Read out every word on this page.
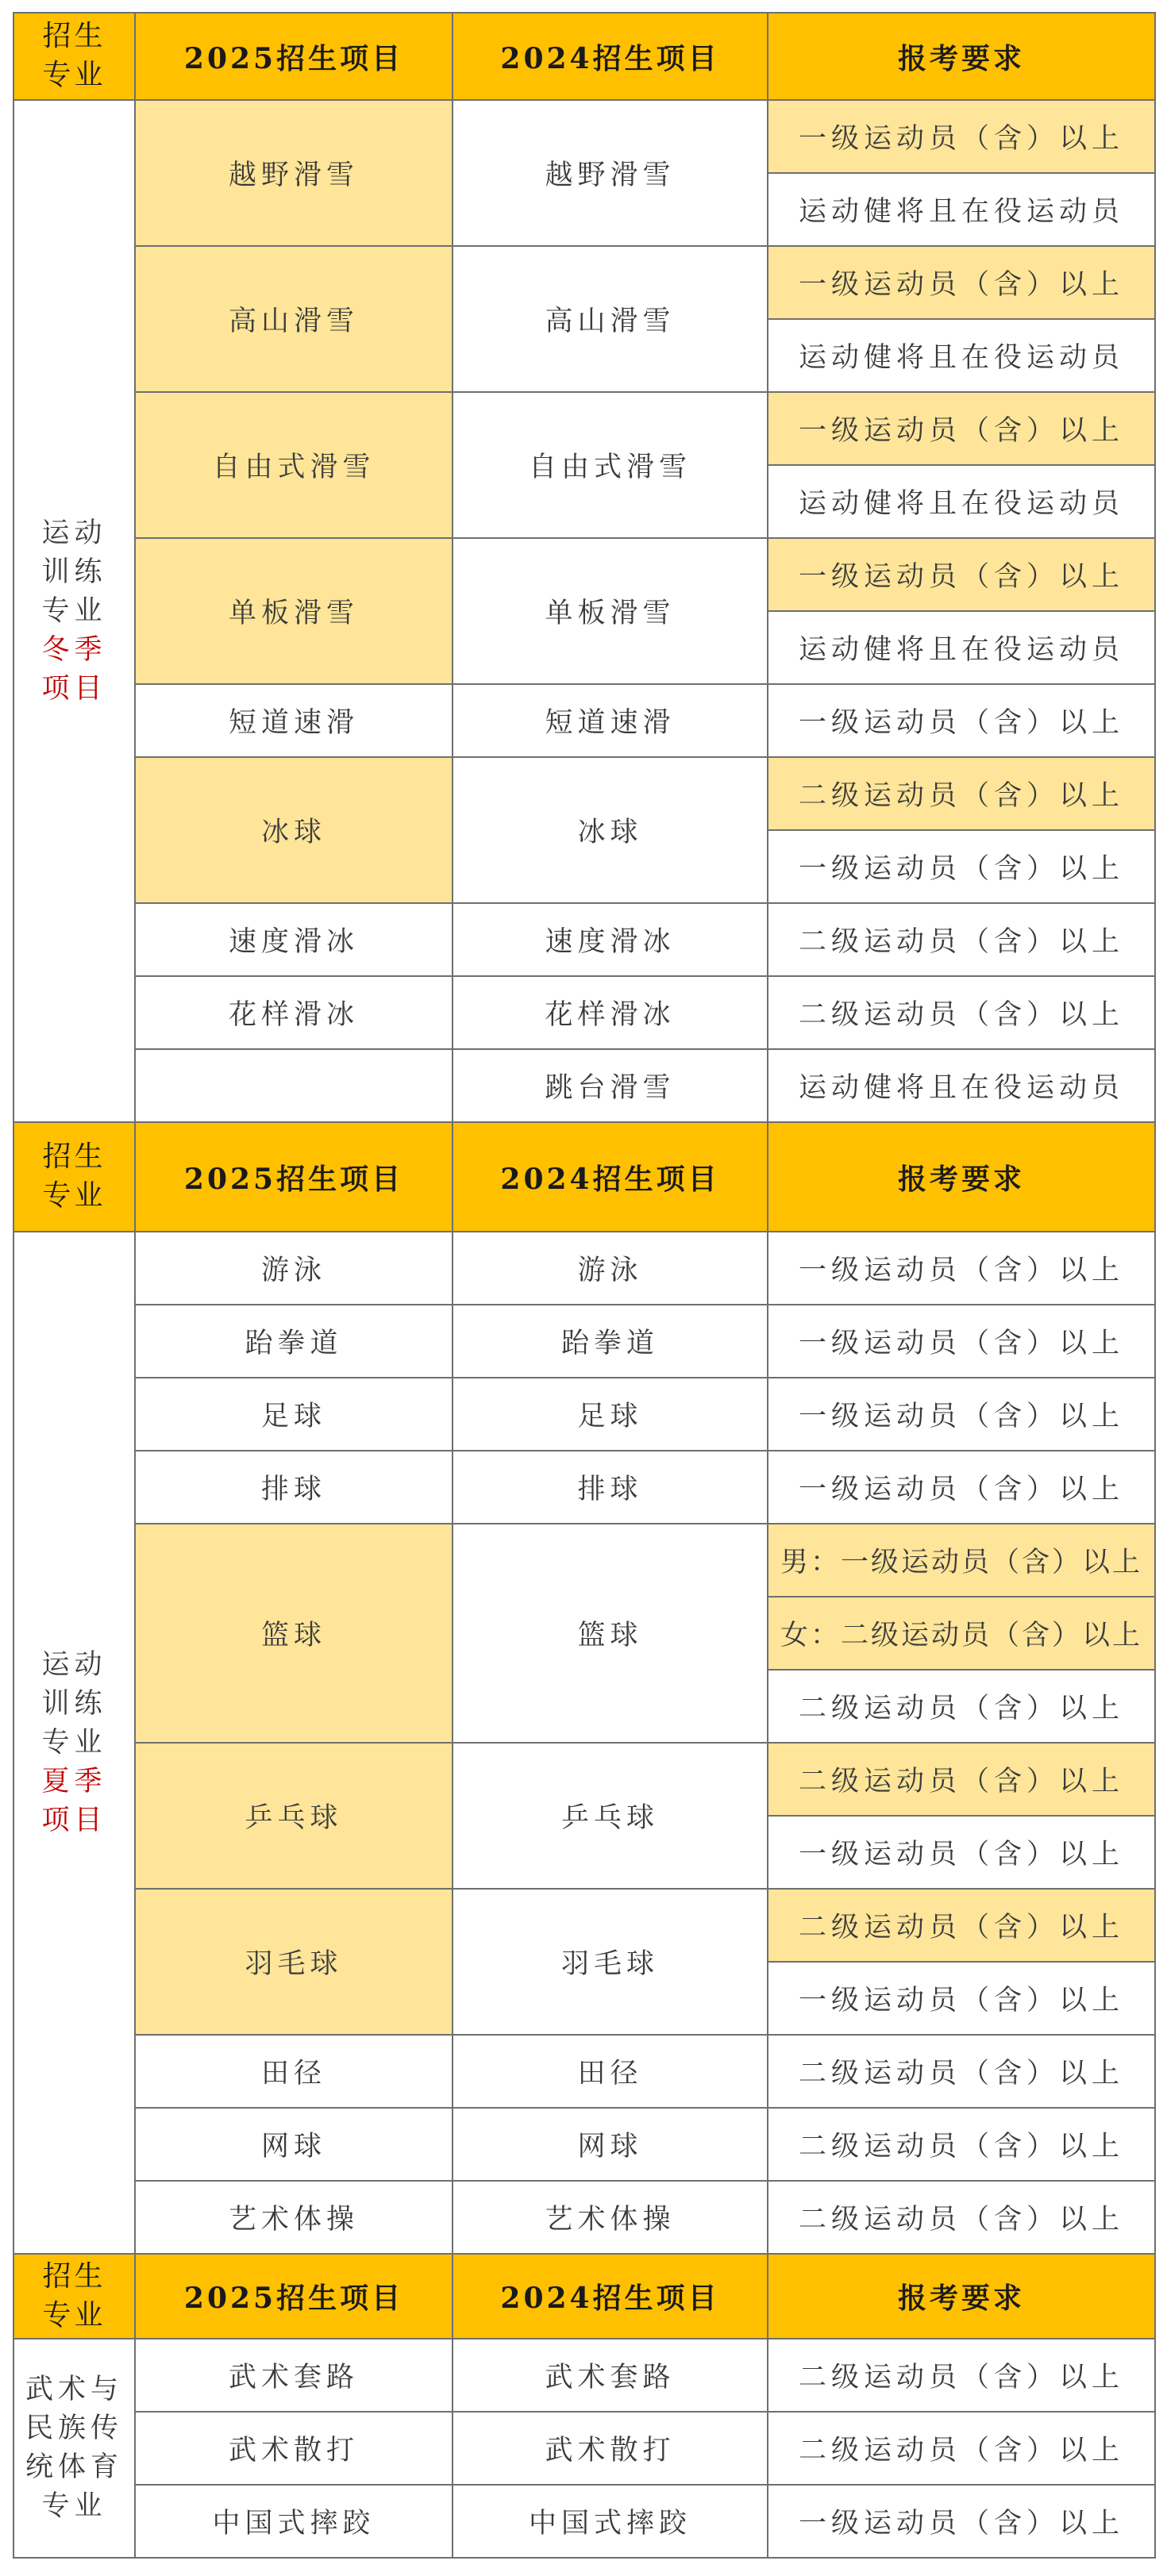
招生
专业	2025招生项目	2024招生项目	报考要求
运动
训练
专业
冬季
项目	越野滑雪	越野滑雪	一级运动员（含）以上
			运动健将且在役运动员
	高山滑雪	高山滑雪	一级运动员（含）以上
			运动健将且在役运动员
	自由式滑雪	自由式滑雪	一级运动员（含）以上
			运动健将且在役运动员
	单板滑雪	单板滑雪	一级运动员（含）以上
			运动健将且在役运动员
	短道速滑	短道速滑	一级运动员（含）以上
	冰球	冰球	二级运动员（含）以上
			一级运动员（含）以上
	速度滑冰	速度滑冰	二级运动员（含）以上
	花样滑冰	花样滑冰	二级运动员（含）以上
		跳台滑雪	运动健将且在役运动员

招生
专业	2025招生项目	2024招生项目	报考要求
运动
训练
专业
夏季
项目	游泳	游泳	一级运动员（含）以上
	跆拳道	跆拳道	一级运动员（含）以上
	足球	足球	一级运动员（含）以上
	排球	排球	一级运动员（含）以上
	篮球	篮球	男：一级运动员（含）以上
			女：二级运动员（含）以上
			二级运动员（含）以上
	乒乓球	乒乓球	二级运动员（含）以上
			一级运动员（含）以上
	羽毛球	羽毛球	二级运动员（含）以上
			一级运动员（含）以上
	田径	田径	二级运动员（含）以上
	网球	网球	二级运动员（含）以上
	艺术体操	艺术体操	二级运动员（含）以上

招生
专业	2025招生项目	2024招生项目	报考要求
武术与
民族传
统体育
专业	武术套路	武术套路	二级运动员（含）以上
	武术散打	武术散打	二级运动员（含）以上
	中国式摔跤	中国式摔跤	一级运动员（含）以上
